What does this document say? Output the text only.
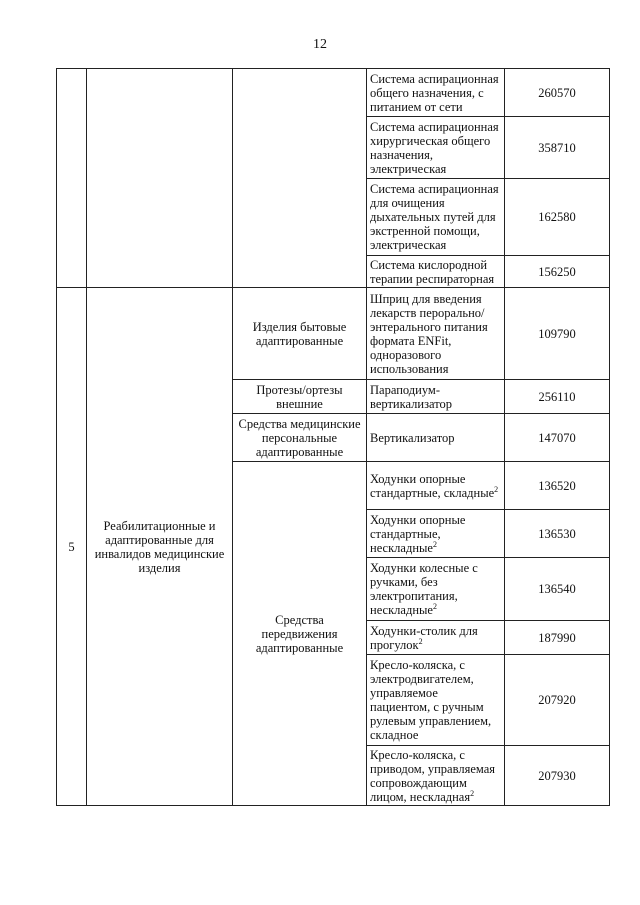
12
			Система аспирационная общего назначения, с питанием от сети	260570
			Система аспирационная хирургическая общего назначения, электрическая	358710
			Система аспирационная для очищения дыхательных путей для экстренной помощи, электрическая	162580
			Система кислородной терапии респираторная	156250
5	Реабилитационные и адаптированные для инвалидов медицинские изделия	Изделия бытовые адаптированные	Шприц для введения лекарств перорально/ энтерального питания формата ENFit, одноразового использования	109790
		Протезы/ортезы внешние	Параподиум-вертикализатор	256110
		Средства медицинские персональные адаптированные	Вертикализатор	147070
		Средства передвижения адаптированные	Ходунки опорные стандартные, складные$^2$	136520
			Ходунки опорные стандартные, нескладные$^2$	136530
			Ходунки колесные с ручками, без электропитания, нескладные$^2$	136540
			Ходунки-столик для прогулок$^2$	187990
			Кресло-коляска, с электродвигателем, управляемое пациентом, с ручным рулевым управлением, складное	207920
			Кресло-коляска, с приводом, управляемая сопровождающим лицом, нескладная$^2$	207930
